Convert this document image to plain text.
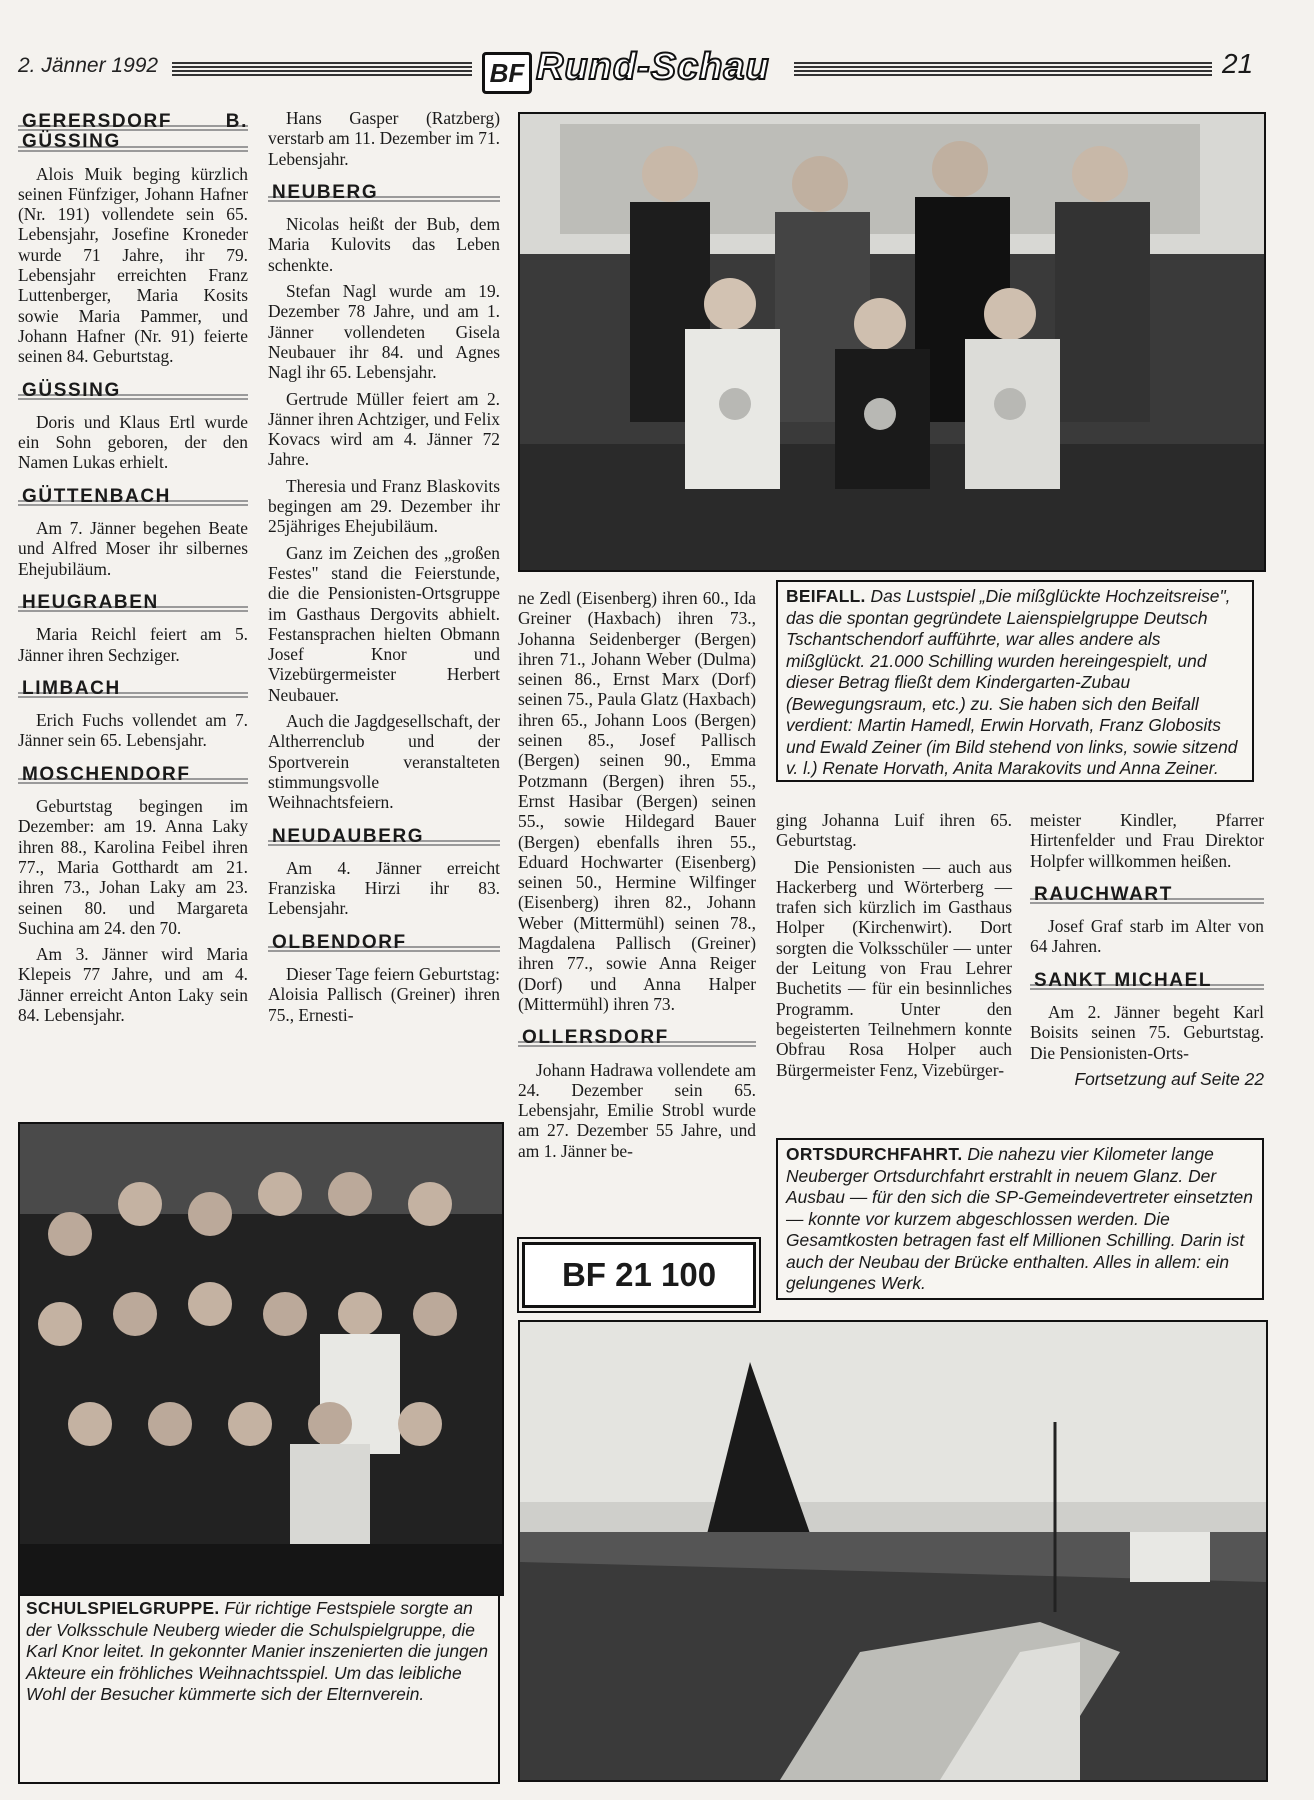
2. Jänner 1992	BF Rund-Schau	21
GERERSDORF B. GÜSSING

Alois Muik beging kürzlich seinen Fünfziger, Johann Hafner (Nr. 191) vollendete sein 65. Lebensjahr, Josefine Kroneder wurde 71 Jahre, ihr 79. Lebensjahr erreichten Franz Luttenberger, Maria Kosits sowie Maria Pammer, und Johann Hafner (Nr. 91) feierte seinen 84. Geburtstag.

GÜSSING

Doris und Klaus Ertl wurde ein Sohn geboren, der den Namen Lukas erhielt.

GÜTTENBACH

Am 7. Jänner begehen Beate und Alfred Moser ihr silbernes Ehejubiläum.

HEUGRABEN

Maria Reichl feiert am 5. Jänner ihren Sechziger.

LIMBACH

Erich Fuchs vollendet am 7. Jänner sein 65. Lebensjahr.

MOSCHENDORF

Geburtstag begingen im Dezember: am 19. Anna Laky ihren 88., Karolina Feibel ihren 77., Maria Gotthardt am 21. ihren 73., Johan Laky am 23. seinen 80. und Margareta Suchina am 24. den 70.

Am 3. Jänner wird Maria Klepeis 77 Jahre, und am 4. Jänner erreicht Anton Laky sein 84. Lebensjahr.

Hans Gasper (Ratzberg) verstarb am 11. Dezember im 71. Lebensjahr.

NEUBERG

Nicolas heißt der Bub, dem Maria Kulovits das Leben schenkte.

Stefan Nagl wurde am 19. Dezember 78 Jahre, und am 1. Jänner vollendeten Gisela Neubauer ihr 84. und Agnes Nagl ihr 65. Lebensjahr.

Gertrude Müller feiert am 2. Jänner ihren Achtziger, und Felix Kovacs wird am 4. Jänner 72 Jahre.

Theresia und Franz Blaskovits begingen am 29. Dezember ihr 25jähriges Ehejubiläum.

Ganz im Zeichen des „großen Festes" stand die Feierstunde, die die Pensionisten-Ortsgruppe im Gasthaus Dergovits abhielt. Festansprachen hielten Obmann Josef Knor und Vizebürgermeister Herbert Neubauer.

Auch die Jagdgesellschaft, der Altherrenclub und der Sportverein veranstalteten stimmungsvolle Weihnachtsfeiern.

NEUDAUBERG

Am 4. Jänner erreicht Franziska Hirzi ihr 83. Lebensjahr.

OLBENDORF

Dieser Tage feiern Geburtstag: Aloisia Pallisch (Greiner) ihren 75., Ernesti-

BEIFALL. Das Lustspiel „Die mißglückte Hochzeitsreise", das die spontan gegründete Laienspielgruppe Deutsch Tschantschendorf aufführte, war alles andere als mißglückt. 21.000 Schilling wurden hereingespielt, und dieser Betrag fließt dem Kindergarten-Zubau (Bewegungsraum, etc.) zu. Sie haben sich den Beifall verdient: Martin Hamedl, Erwin Horvath, Franz Globosits und Ewald Zeiner (im Bild stehend von links, sowie sitzend v. l.) Renate Horvath, Anita Marakovits und Anna Zeiner.

ne Zedl (Eisenberg) ihren 60., Ida Greiner (Haxbach) ihren 73., Johanna Seidenberger (Bergen) ihren 71., Johann Weber (Dulma) seinen 86., Ernst Marx (Dorf) seinen 75., Paula Glatz (Haxbach) ihren 65., Johann Loos (Bergen) seinen 85., Josef Pallisch (Bergen) seinen 90., Emma Potzmann (Bergen) ihren 55., Ernst Hasibar (Bergen) seinen 55., sowie Hildegard Bauer (Bergen) ebenfalls ihren 55., Eduard Hochwarter (Eisenberg) seinen 50., Hermine Wilfinger (Eisenberg) ihren 82., Johann Weber (Mittermühl) seinen 78., Magdalena Pallisch (Greiner) ihren 77., sowie Anna Reiger (Dorf) und Anna Halper (Mittermühl) ihren 73.

OLLERSDORF

Johann Hadrawa vollendete am 24. Dezember sein 65. Lebensjahr, Emilie Strobl wurde am 27. Dezember 55 Jahre, und am 1. Jänner be-

BF 21 100

ging Johanna Luif ihren 65. Geburtstag.

Die Pensionisten — auch aus Hackerberg und Wörterberg — trafen sich kürzlich im Gasthaus Holper (Kirchenwirt). Dort sorgten die Volksschüler — unter der Leitung von Frau Lehrer Buchetits — für ein besinnliches Programm. Unter den begeisterten Teilnehmern konnte Obfrau Rosa Holper auch Bürgermeister Fenz, Vizebürger-

meister Kindler, Pfarrer Hirtenfelder und Frau Direktor Holpfer willkommen heißen.

RAUCHWART

Josef Graf starb im Alter von 64 Jahren.

SANKT MICHAEL

Am 2. Jänner begeht Karl Boisits seinen 75. Geburtstag. Die Pensionisten-Orts-

Fortsetzung auf Seite 22
ORTSDURCHFAHRT. Die nahezu vier Kilometer lange Neuberger Ortsdurchfahrt erstrahlt in neuem Glanz. Der Ausbau — für den sich die SP-Gemeindevertreter einsetzten — konnte vor kurzem abgeschlossen werden. Die Gesamtkosten betragen fast elf Millionen Schilling. Darin ist auch der Neubau der Brücke enthalten. Alles in allem: ein gelungenes Werk.
SCHULSPIELGRUPPE. Für richtige Festspiele sorgte an der Volksschule Neuberg wieder die Schulspielgruppe, die Karl Knor leitet. In gekonnter Manier inszenierten die jungen Akteure ein fröhliches Weihnachtsspiel. Um das leibliche Wohl der Besucher kümmerte sich der Elternverein.
